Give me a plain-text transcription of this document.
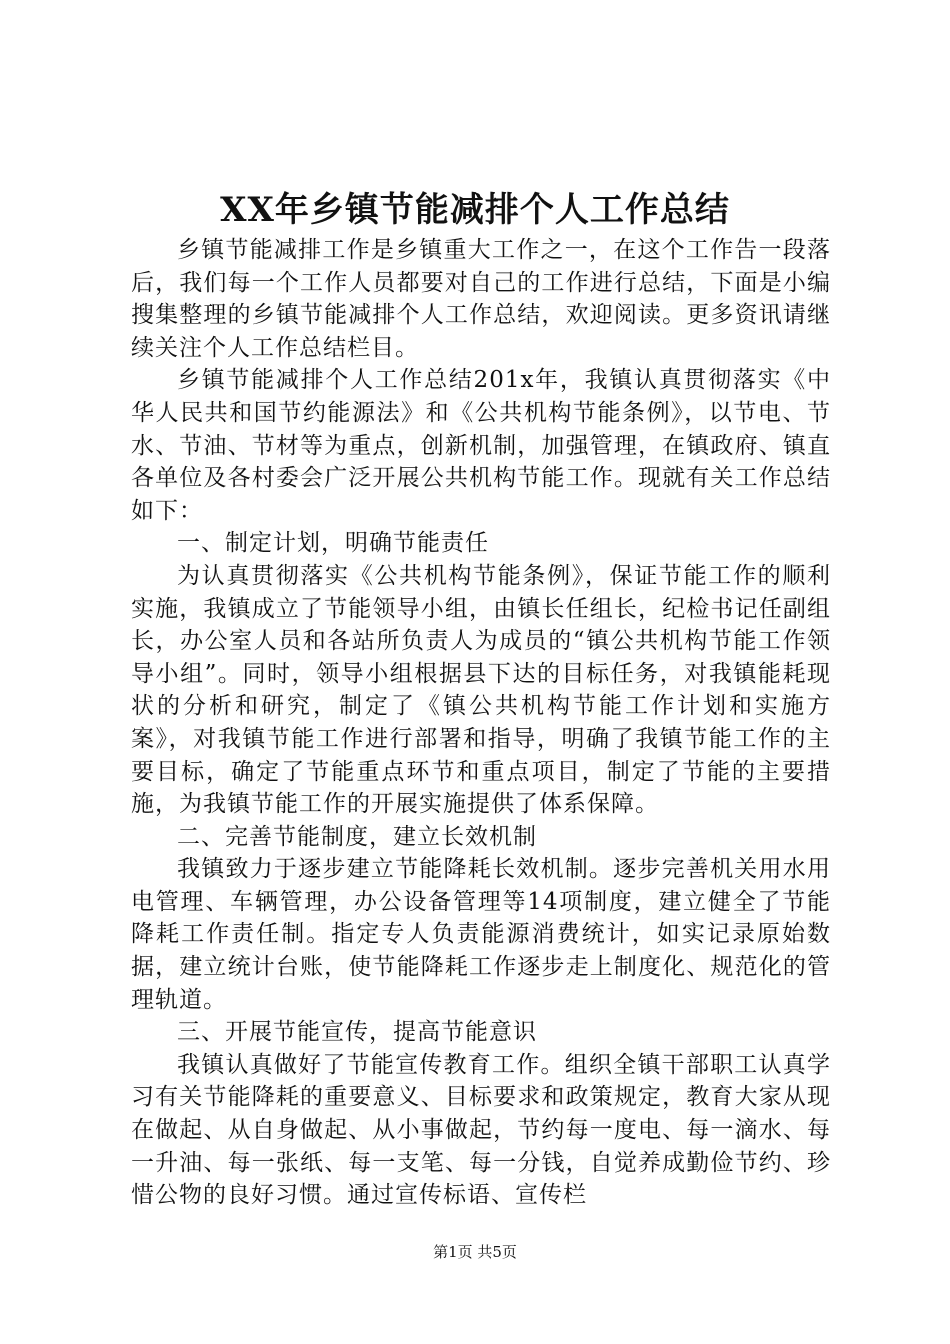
XX年乡镇节能减排个人工作总结

乡镇节能减排工作是乡镇重大工作之一，在这个工作告一段落后，我们每一个工作人员都要对自己的工作进行总结，下面是小编搜集整理的乡镇节能减排个人工作总结，欢迎阅读。更多资讯请继续关注个人工作总结栏目。

乡镇节能减排个人工作总结201x年，我镇认真贯彻落实《中华人民共和国节约能源法》和《公共机构节能条例》，以节电、节水、节油、节材等为重点，创新机制，加强管理，在镇政府、镇直各单位及各村委会广泛开展公共机构节能工作。现就有关工作总结如下：

一、制定计划，明确节能责任

为认真贯彻落实《公共机构节能条例》，保证节能工作的顺利实施，我镇成立了节能领导小组，由镇长任组长，纪检书记任副组长，办公室人员和各站所负责人为成员的“镇公共机构节能工作领导小组”。同时，领导小组根据县下达的目标任务，对我镇能耗现状的分析和研究，制定了《镇公共机构节能工作计划和实施方案》，对我镇节能工作进行部署和指导，明确了我镇节能工作的主要目标，确定了节能重点环节和重点项目，制定了节能的主要措施，为我镇节能工作的开展实施提供了体系保障。

二、完善节能制度，建立长效机制

我镇致力于逐步建立节能降耗长效机制。逐步完善机关用水用电管理、车辆管理，办公设备管理等14项制度，建立健全了节能降耗工作责任制。指定专人负责能源消费统计，如实记录原始数据，建立统计台账，使节能降耗工作逐步走上制度化、规范化的管理轨道。

三、开展节能宣传，提高节能意识

我镇认真做好了节能宣传教育工作。组织全镇干部职工认真学习有关节能降耗的重要意义、目标要求和政策规定，教育大家从现在做起、从自身做起、从小事做起，节约每一度电、每一滴水、每一升油、每一张纸、每一支笔、每一分钱，自觉养成勤俭节约、珍惜公物的良好习惯。通过宣传标语、宣传栏

第1页 共5页
